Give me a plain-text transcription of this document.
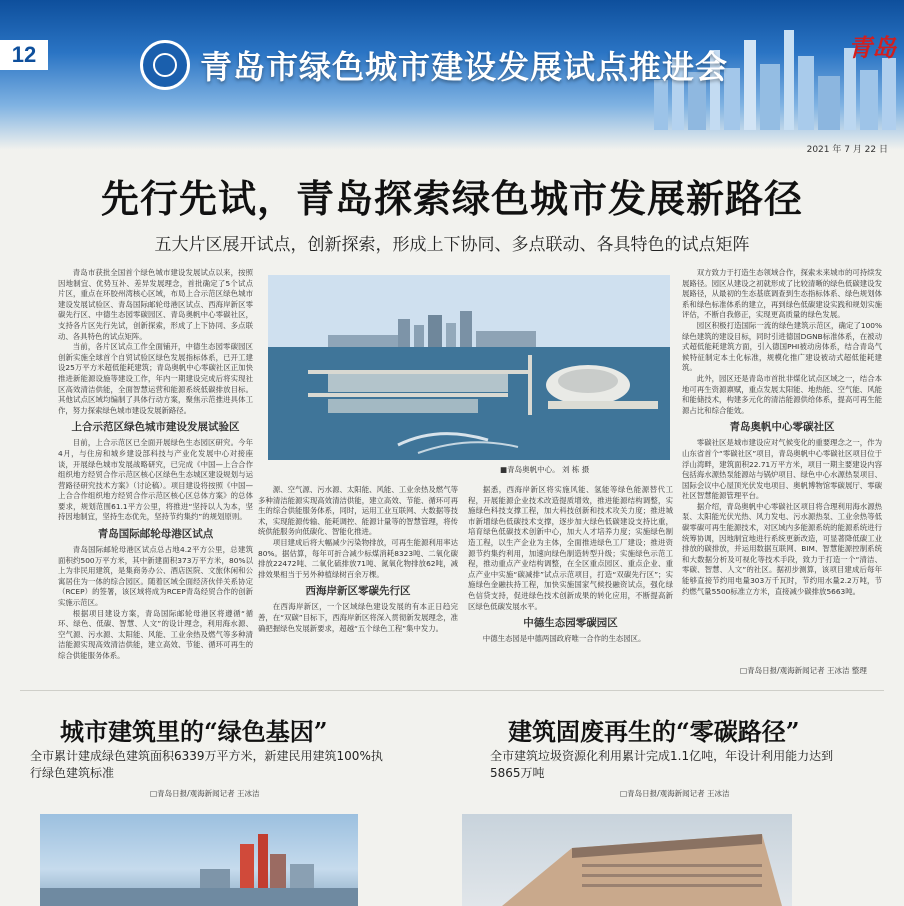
12	青岛市绿色城市建设发展试点推进会
青岛
2021 年 7 月 22 日
先行先试，青岛探索绿色城市发展新路径
五大片区展开试点，创新探索，形成上下协同、多点联动、各具特色的试点矩阵

青岛市获批全国首个绿色城市建设发展试点以来，按照因地制宜、优势互补、差异发展理念，首批确定了5个试点片区，重点在环胶州湾核心区域，布局上合示范区绿色城市建设发展试验区、青岛国际邮轮母港区试点、西海岸新区零碳先行区、中德生态园零碳园区、青岛奥帆中心零碳社区，支持各片区先行先试，创新探索，形成了上下协同、多点联动、各具特色的试点矩阵。

当前，各片区试点工作全面铺开，中德生态园零碳园区创新实施全球首个自贸试验区绿色发展指标体系，已开工建设25万平方米超低能耗建筑；青岛奥帆中心零碳社区正加快推进新能源设施等建设工作，年内一期建设完成后将实现社区高效清洁供能，全面智慧运营和能源系统低碳排放目标。其他试点区域均编制了具体行动方案，聚焦示范推进具体工作，努力探索绿色城市建设发展新路径。

上合示范区绿色城市建设发展试验区

目前，上合示范区已全面开展绿色生态园区研究。今年4月，与住房和城乡建设部科技与产业化发展中心对接座谈，开展绿色城市发展战略研究，已完成《中国—上合合作组织地方经贸合作示范区核心区绿色生态城区建设规划与运营路径研究技术方案》（讨论稿）。项目建设将按照《中国—上合合作组织地方经贸合作示范区核心区总体方案》的总体要求，规划范围61.1平方公里，将推进“坚持以人为本，坚持因地制宜，坚持生态优先，坚持节约集约”的规划原则。

青岛国际邮轮母港区试点

青岛国际邮轮母港区试点总占地4.2平方公里，总建筑面积约500万平方米，其中新建面积373万平方米，80%以上为非民用建筑，是集商务办公、酒店医院、文旅休闲和公寓居住为一体的综合园区。随着区域全面经济伙伴关系协定（RCEP）的签署，该区域将成为RCEP青岛经贸合作的创新实施示范区。

根据项目建设方案，青岛国际邮轮母港区将遵循“循环、绿色、低碳、智慧、人文”的设计理念，利用海水源、空气源、污水源、太阳能、风能、工业余热及燃气等多种清洁能源实现高效清洁供能，建立高效、节能、循环可再生的综合供能服务体系。

■青岛奥帆中心。 刘 栋 摄

源、空气源、污水源、太阳能、风能、工业余热及燃气等多种清洁能源实现高效清洁供能，建立高效、节能、循环可再生的综合供能服务体系，同时，运用工业互联网、大数据等技术，实现能源传输、能耗调控、能源计量等的智慧管理，将传统供能服务向低碳化、智能化推进。

项目建成后将大幅减少污染物排放，可再生能源利用率达80%。据估算，每年可折合减少标煤消耗8323吨、二氧化碳排放22472吨、二氧化硫排放71吨、氮氧化物排放62吨，减排效果相当于另外种植绿树百余万棵。

西海岸新区零碳先行区

在西海岸新区，一个区域绿色建设发展的有本正日趋完善，在“双碳”目标下，西海岸新区将深入贯彻新发展理念，准确把握绿色发展新要求，超越“五个绿色工程”集中发力。

据悉，西海岸新区将实施风能、氢能等绿色能源替代工程，开展能源企业技术改造提质增效，推进能源结构调整，实施绿色科技支撑工程，加大科技创新和技术攻关力度；推进城市新增绿色低碳技术支撑，逐步加大绿色低碳建设支持比重，培育绿色低碳技术创新中心，加大人才培养力度；实施绿色制造工程，以生产企业为主体，全面推进绿色工厂建设；推进资源节约集约利用，加速向绿色制造转型升级；实施绿色示范工程，推动重点产业结构调整，在全区重点园区、重点企业、重点产业中实施“碳减排”试点示范项目，打造“双碳先行区”；实施绿色金融扶持工程，加快实施国家气候投融资试点，强化绿色信贷支持，促进绿色技术创新成果的转化应用，不断提高新区绿色低碳发展水平。

中德生态园零碳园区

中德生态园是中德两国政府唯一合作的生态园区。

双方致力于打造生态领域合作，探索未来城市的可持续发展路径。园区从建设之初就形成了比较清晰的绿色低碳建设发展路径，从最初的生态基底调查到生态指标体系、绿色规划体系和绿色标准体系的建立，再到绿色低碳建设实践和规划实施评估，不断自我修正，实现更高质量的绿色发展。

园区积极打造国际一流的绿色建筑示范区，确定了100%绿色建筑的建设目标，同时引进德国DGNB标准体系，在被动式超低能耗建筑方面，引入德国PHI被动房体系，结合青岛气候特征制定本土化标准，规模化推广建设被动式超低能耗建筑。

此外，园区还是青岛市首批非煤化试点区域之一，结合本地可再生资源禀赋，重点发展太阳能、地热能、空气能、风能和能储技术，构建多元化的清洁能源供给体系，提高可再生能源占比和综合能效。

青岛奥帆中心零碳社区

零碳社区是城市建设应对气候变化的重要理念之一，作为山东省首个“零碳社区”项目，青岛奥帆中心零碳社区项目位于浮山湾畔，建筑面积22.71万平方米，项目一期主要建设内容包括海水源热泵能源站与锅炉项目、绿色中心水源热泵项目、国际会议中心屋顶光伏发电项目、奥帆博物馆零碳展厅、零碳社区智慧能源管理平台。

据介绍，青岛奥帆中心零碳社区项目将合理利用海水源热泵、太阳能光伏光热、风力发电、污水源热泵、工业余热等低碳零碳可再生能源技术，对区域内多能源系统的能源系统进行统筹协调，因地制宜地进行系统更新改造，可显著降低碳工业排放的碳排放，并运用数据互联网、BIM、智慧能源控制系统和大数据分析及可视化等技术手段，致力于打造一个“清洁、零碳、智慧、人文”的社区。据初步测算，该项目建成后每年能够直接节约用电量303万千瓦时，节约用水量2.2万吨，节约燃气量5500标准立方米，直接减少碳排放5663吨。

□青岛日报/观海新闻记者 王冰洁 整理
城市建筑里的“绿色基因”
全市累计建成绿色建筑面积6339万平方米，新建民用建筑100%执行绿色建筑标准
□青岛日报/观海新闻记者 王冰洁
建筑固废再生的“零碳路径”
全市建筑垃圾资源化利用累计完成1.1亿吨，年设计利用能力达到5865万吨
□青岛日报/观海新闻记者 王冰洁
